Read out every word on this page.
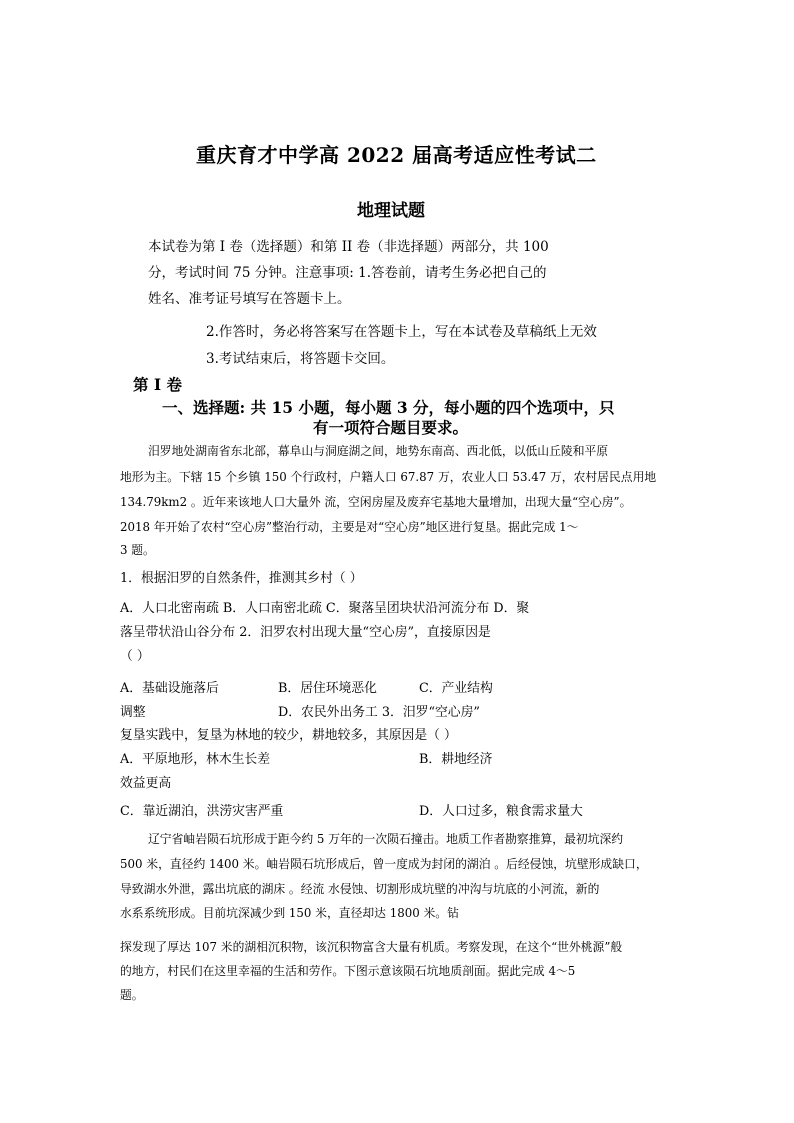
重庆育才中学高 2022 届高考适应性考试二
地理试题

本试卷为第 I 卷（选择题）和第 II 卷（非选择题）两部分，共 100

分，考试时间 75 分钟。注意事项: 1.答卷前，请考生务必把自己的

姓名、准考证号填写在答题卡上。

2.作答时，务必将答案写在答题卡上，写在本试卷及草稿纸上无效

3.考试结束后，将答题卡交回。

第 I 卷

一、选择题: 共 15 小题，每小题 3 分，每小题的四个选项中，只

有一项符合题目要求。

汨罗地处湖南省东北部，幕阜山与洞庭湖之间，地势东南高、西北低，以低山丘陵和平原

地形为主。下辖 15 个乡镇 150 个行政村，户籍人口 67.87 万，农业人口 53.47 万，农村居民点用地

134.79km2 。近年来该地人口大量外 流，空闲房屋及废弃宅基地大量增加，出现大量“空心房”。

2018 年开始了农村“空心房”整治行动，主要是对“空心房”地区进行复垦。据此完成 1～

3 题。

1．根据汨罗的自然条件，推测其乡村（ ）

A．人口北密南疏 B．人口南密北疏 C．聚落呈团块状沿河流分布 D．聚

落呈带状沿山谷分布 2．汨罗农村出现大量“空心房”，直接原因是

（ ）

A．基础设施落后	B．居住环境恶化	C．产业结构

调整	D．农民外出务工 3．汨罗“空心房”

复垦实践中，复垦为林地的较少，耕地较多，其原因是（ ）

A．平原地形，林木生长差	B．耕地经济

效益更高

C．靠近湖泊，洪涝灾害严重	D．人口过多，粮食需求量大

辽宁省岫岩陨石坑形成于距今约 5 万年的一次陨石撞击。地质工作者勘察推算，最初坑深约

500 米，直径约 1400 米。岫岩陨石坑形成后，曾一度成为封闭的湖泊 。后经侵蚀，坑壁形成缺口，

导致湖水外泄，露出坑底的湖床 。经流 水侵蚀、切割形成坑壁的冲沟与坑底的小河流，新的

水系系统形成。目前坑深减少到 150 米，直径却达 1800 米。钻

探发现了厚达 107 米的湖相沉积物，该沉积物富含大量有机质。考察发现，在这个“世外桃源”般

的地方，村民们在这里幸福的生活和劳作。下图示意该陨石坑地质剖面。据此完成 4～5

题。
